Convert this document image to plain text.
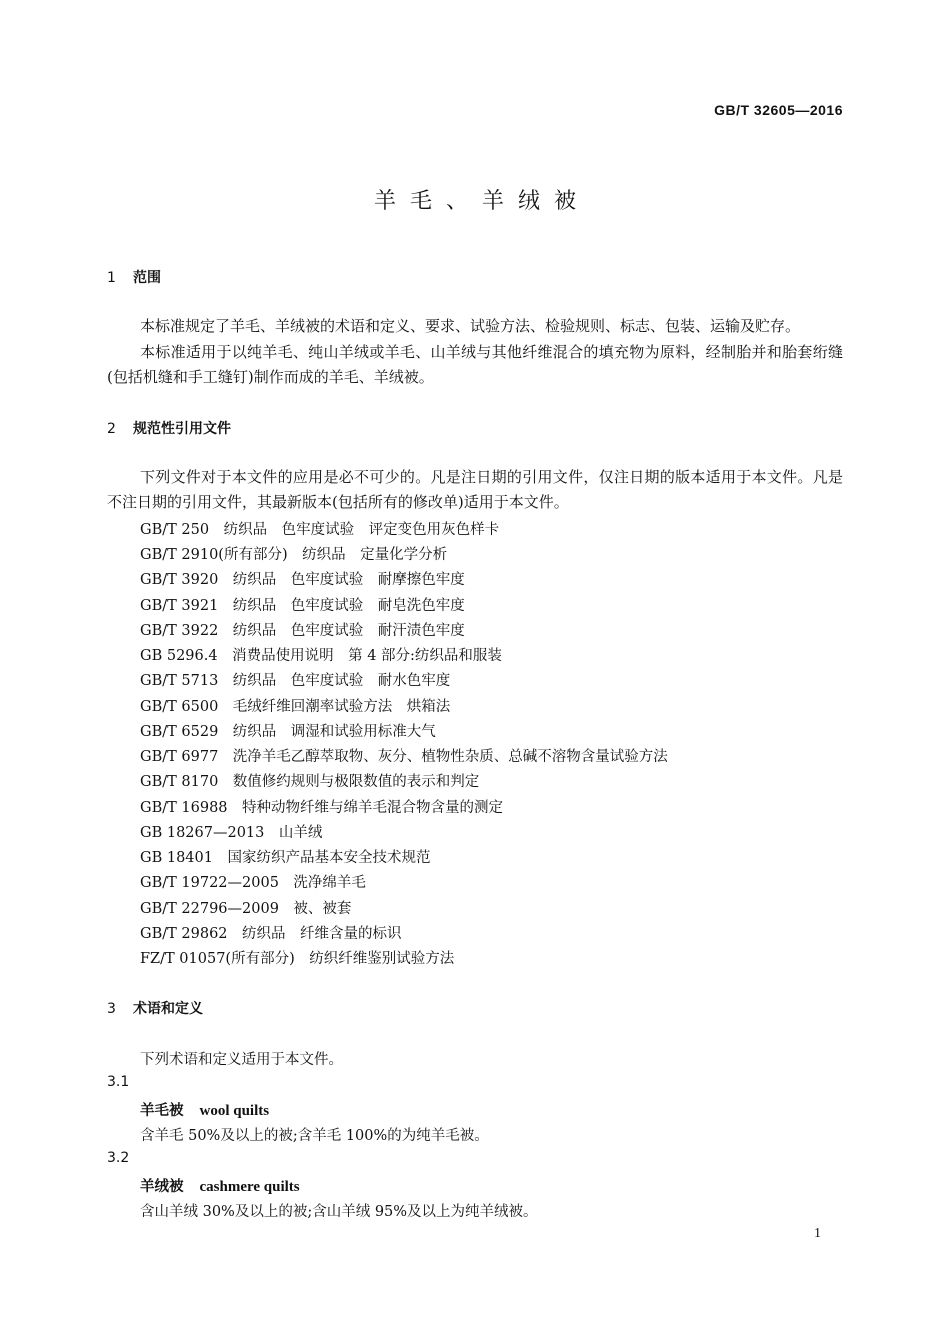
GB/T 32605—2016
羊毛、羊绒被
1 范围
本标准规定了羊毛、羊绒被的术语和定义、要求、试验方法、检验规则、标志、包装、运输及贮存。
本标准适用于以纯羊毛、纯山羊绒或羊毛、山羊绒与其他纤维混合的填充物为原料，经制胎并和胎套绗缝(包括机缝和手工缝钉)制作而成的羊毛、羊绒被。
2 规范性引用文件
下列文件对于本文件的应用是必不可少的。凡是注日期的引用文件，仅注日期的版本适用于本文件。凡是不注日期的引用文件，其最新版本(包括所有的修改单)适用于本文件。
GB/T 250　纺织品　色牢度试验　评定变色用灰色样卡
GB/T 2910(所有部分)　纺织品　定量化学分析
GB/T 3920　纺织品　色牢度试验　耐摩擦色牢度
GB/T 3921　纺织品　色牢度试验　耐皂洗色牢度
GB/T 3922　纺织品　色牢度试验　耐汗渍色牢度
GB 5296.4　消费品使用说明　第 4 部分:纺织品和服装
GB/T 5713　纺织品　色牢度试验　耐水色牢度
GB/T 6500　毛绒纤维回潮率试验方法　烘箱法
GB/T 6529　纺织品　调湿和试验用标准大气
GB/T 6977　洗净羊毛乙醇萃取物、灰分、植物性杂质、总碱不溶物含量试验方法
GB/T 8170　数值修约规则与极限数值的表示和判定
GB/T 16988　特种动物纤维与绵羊毛混合物含量的测定
GB 18267—2013　山羊绒
GB 18401　国家纺织产品基本安全技术规范
GB/T 19722—2005　洗净绵羊毛
GB/T 22796—2009　被、被套
GB/T 29862　纺织品　纤维含量的标识
FZ/T 01057(所有部分)　纺织纤维鉴别试验方法
3 术语和定义
下列术语和定义适用于本文件。
3.1
羊毛被 wool quilts
含羊毛 50%及以上的被;含羊毛 100%的为纯羊毛被。
3.2
羊绒被 cashmere quilts
含山羊绒 30%及以上的被;含山羊绒 95%及以上为纯羊绒被。
1
